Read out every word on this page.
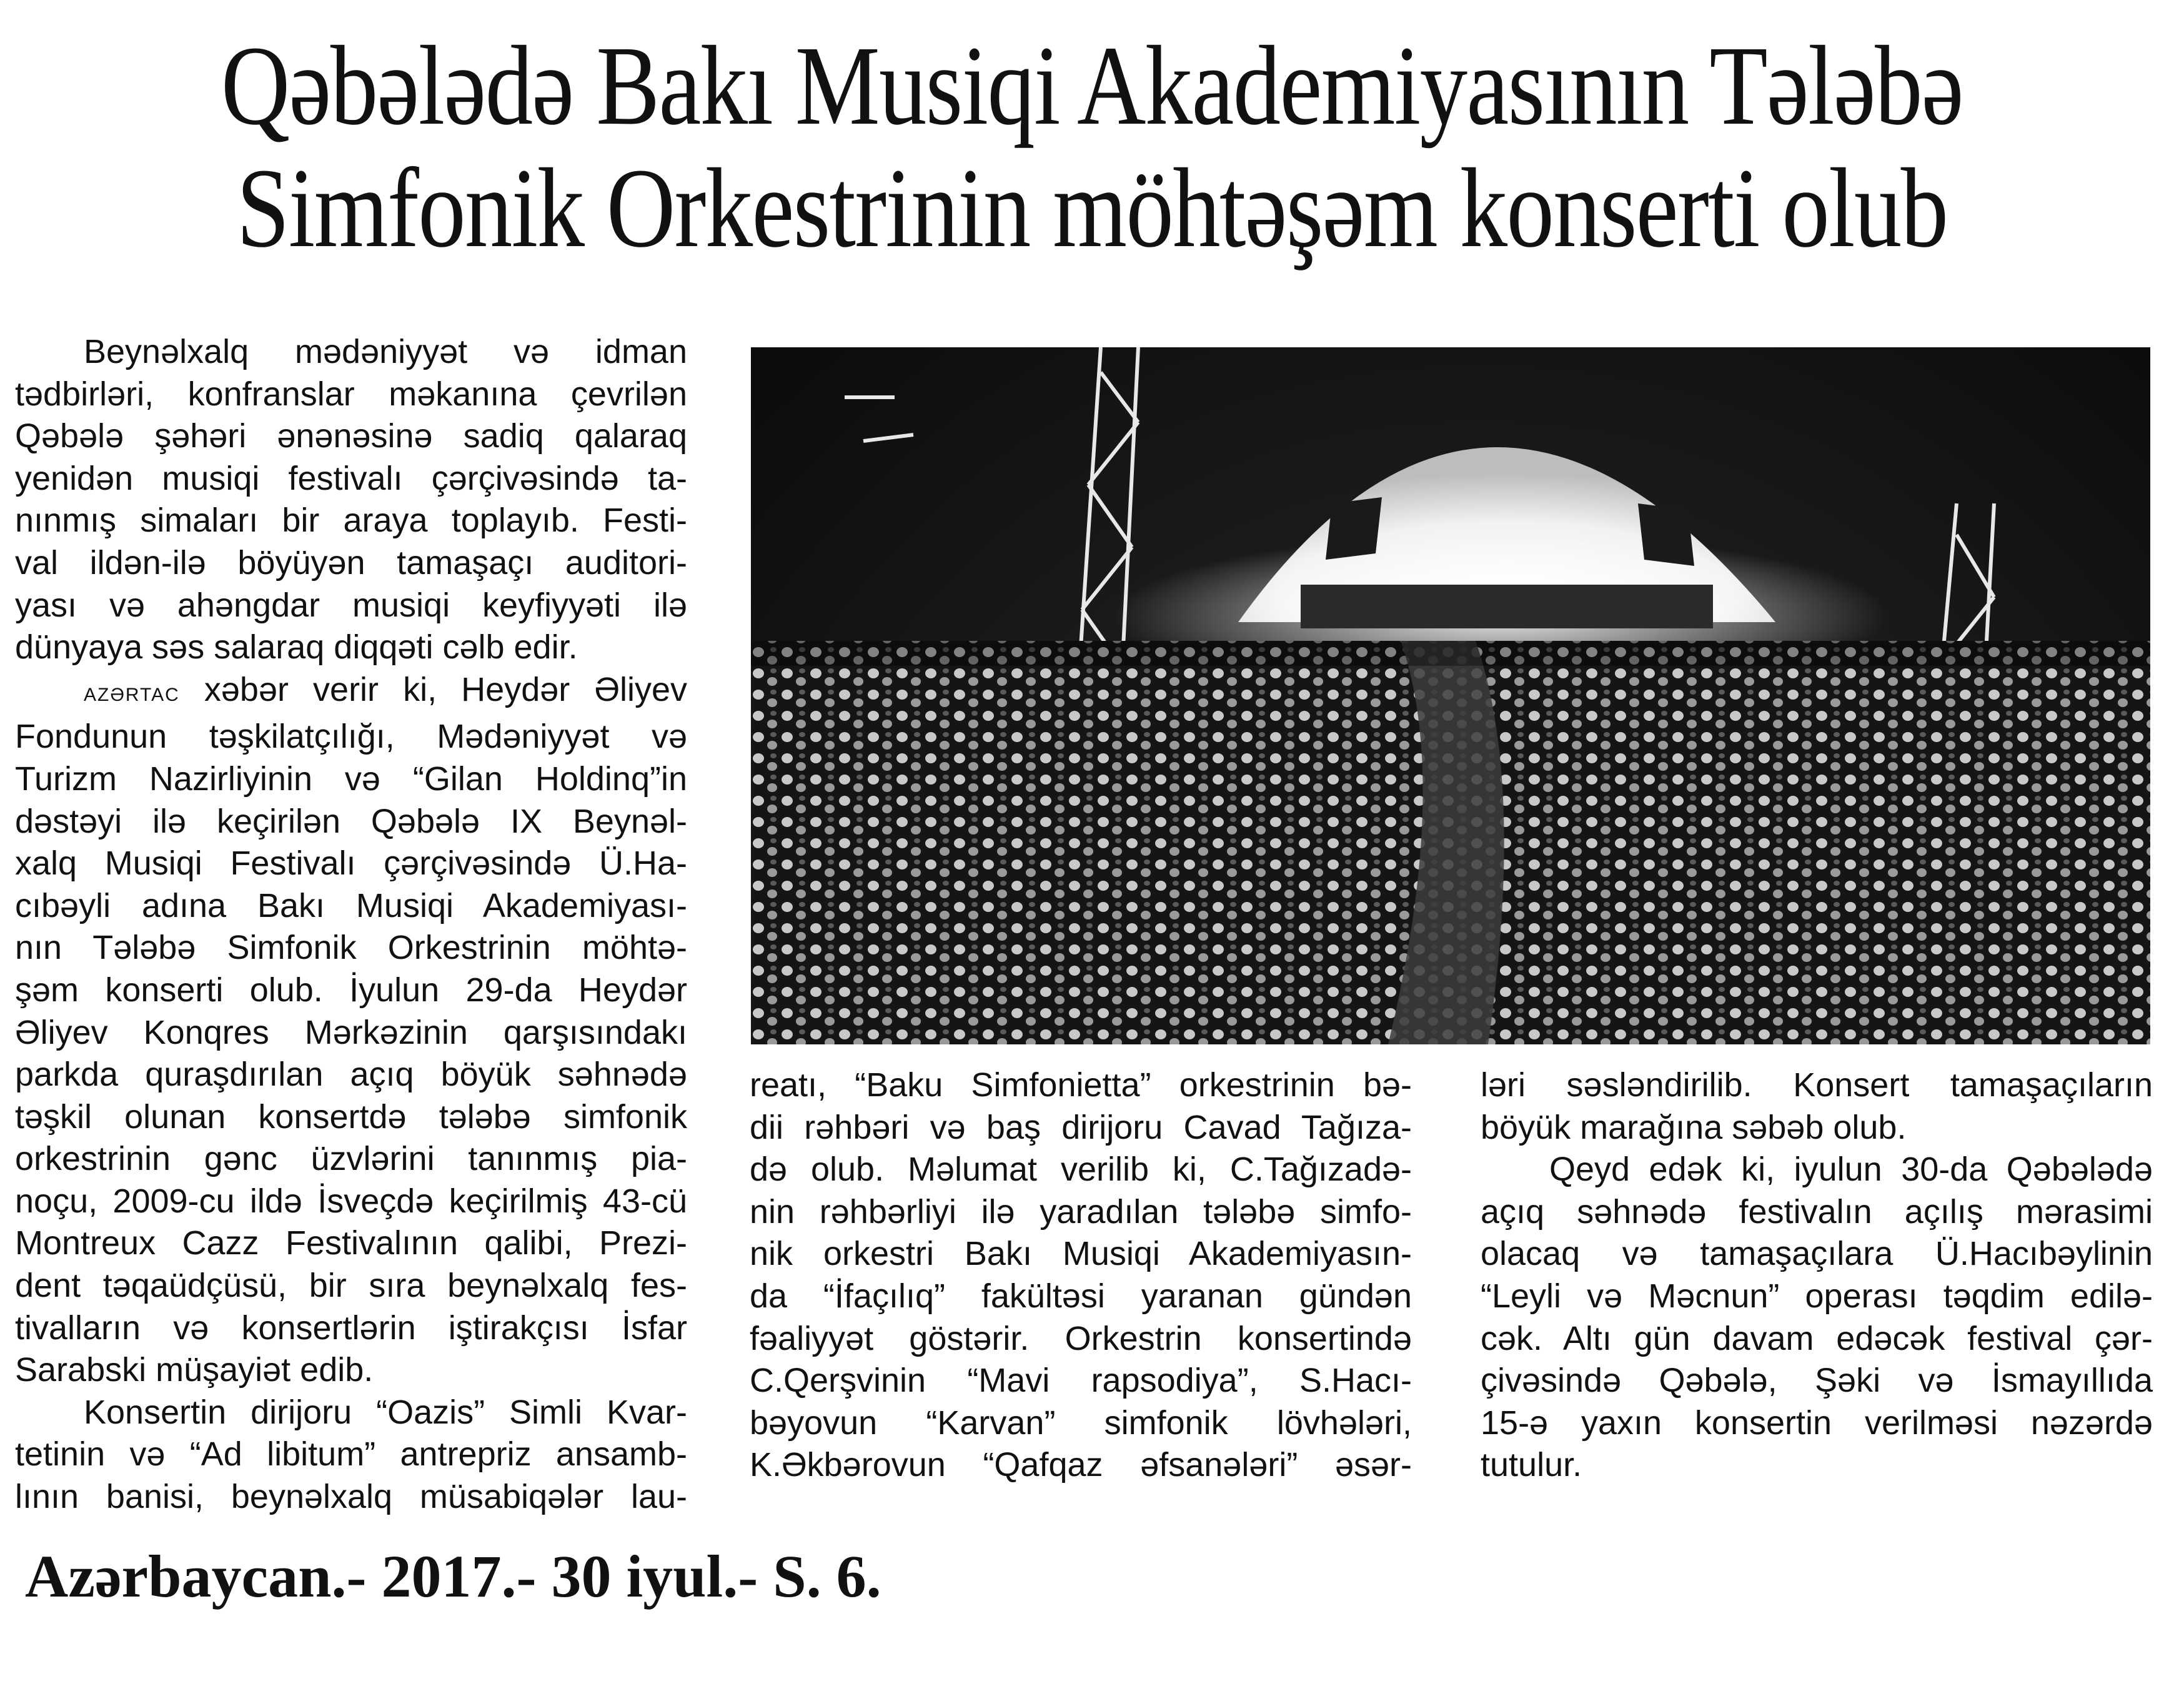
Qəbələdə Bakı Musiqi Akademiyasının Tələbə
Simfonik Orkestrinin möhtəşəm konserti olub

Beynəlxalq mədəniyyət və idman
tədbirləri, konfranslar məkanına çevrilən
Qəbələ şəhəri ənənəsinə sadiq qalaraq
yenidən musiqi festivalı çərçivəsində ta-
nınmış simaları bir araya toplayıb. Festi-
val ildən-ilə böyüyən tamaşaçı auditori-
yası və ahəngdar musiqi keyfiyyəti ilə
dünyaya səs salaraq diqqəti cəlb edir.

AZƏRTAC xəbər verir ki, Heydər Əliyev
Fondunun təşkilatçılığı, Mədəniyyət və
Turizm Nazirliyinin və “Gilan Holdinq”in
dəstəyi ilə keçirilən Qəbələ IX Beynəl-
xalq Musiqi Festivalı çərçivəsində Ü.Ha-
cıbəyli adına Bakı Musiqi Akademiyası-
nın Tələbə Simfonik Orkestrinin möhtə-
şəm konserti olub. İyulun 29-da Heydər
Əliyev Konqres Mərkəzinin qarşısındakı
parkda quraşdırılan açıq böyük səhnədə
təşkil olunan konsertdə tələbə simfonik
orkestrinin gənc üzvlərini tanınmış pia-
noçu, 2009-cu ildə İsveçdə keçirilmiş 43-cü
Montreux Cazz Festivalının qalibi, Prezi-
dent təqaüdçüsü, bir sıra beynəlxalq fes-
tivalların və konsertlərin iştirakçısı İsfar
Sarabski müşayiət edib.

Konsertin dirijoru “Oazis” Simli Kvar-
tetinin və “Ad libitum” antrepriz ansamb-
lının banisi, beynəlxalq müsabiqələr lau-

reatı, “Baku Simfonietta” orkestrinin bə-
dii rəhbəri və baş dirijoru Cavad Tağıza-
də olub. Məlumat verilib ki, C.Tağızadə-
nin rəhbərliyi ilə yaradılan tələbə simfo-
nik orkestri Bakı Musiqi Akademiyasın-
da “İfaçılıq” fakültəsi yaranan gündən
fəaliyyət göstərir. Orkestrin konsertində
C.Qerşvinin “Mavi rapsodiya”, S.Hacı-
bəyovun “Karvan” simfonik lövhələri,
K.Əkbərovun “Qafqaz əfsanələri” əsər-

ləri səsləndirilib. Konsert tamaşaçıların
böyük marağına səbəb olub.

Qeyd edək ki, iyulun 30-da Qəbələdə
açıq səhnədə festivalın açılış mərasimi
olacaq və tamaşaçılara Ü.Hacıbəylinin
“Leyli və Məcnun” operası təqdim edilə-
cək. Altı gün davam edəcək festival çər-
çivəsində Qəbələ, Şəki və İsmayıllıda
15-ə yaxın konsertin verilməsi nəzərdə
tutulur.

Azərbaycan.- 2017.- 30 iyul.- S. 6.
